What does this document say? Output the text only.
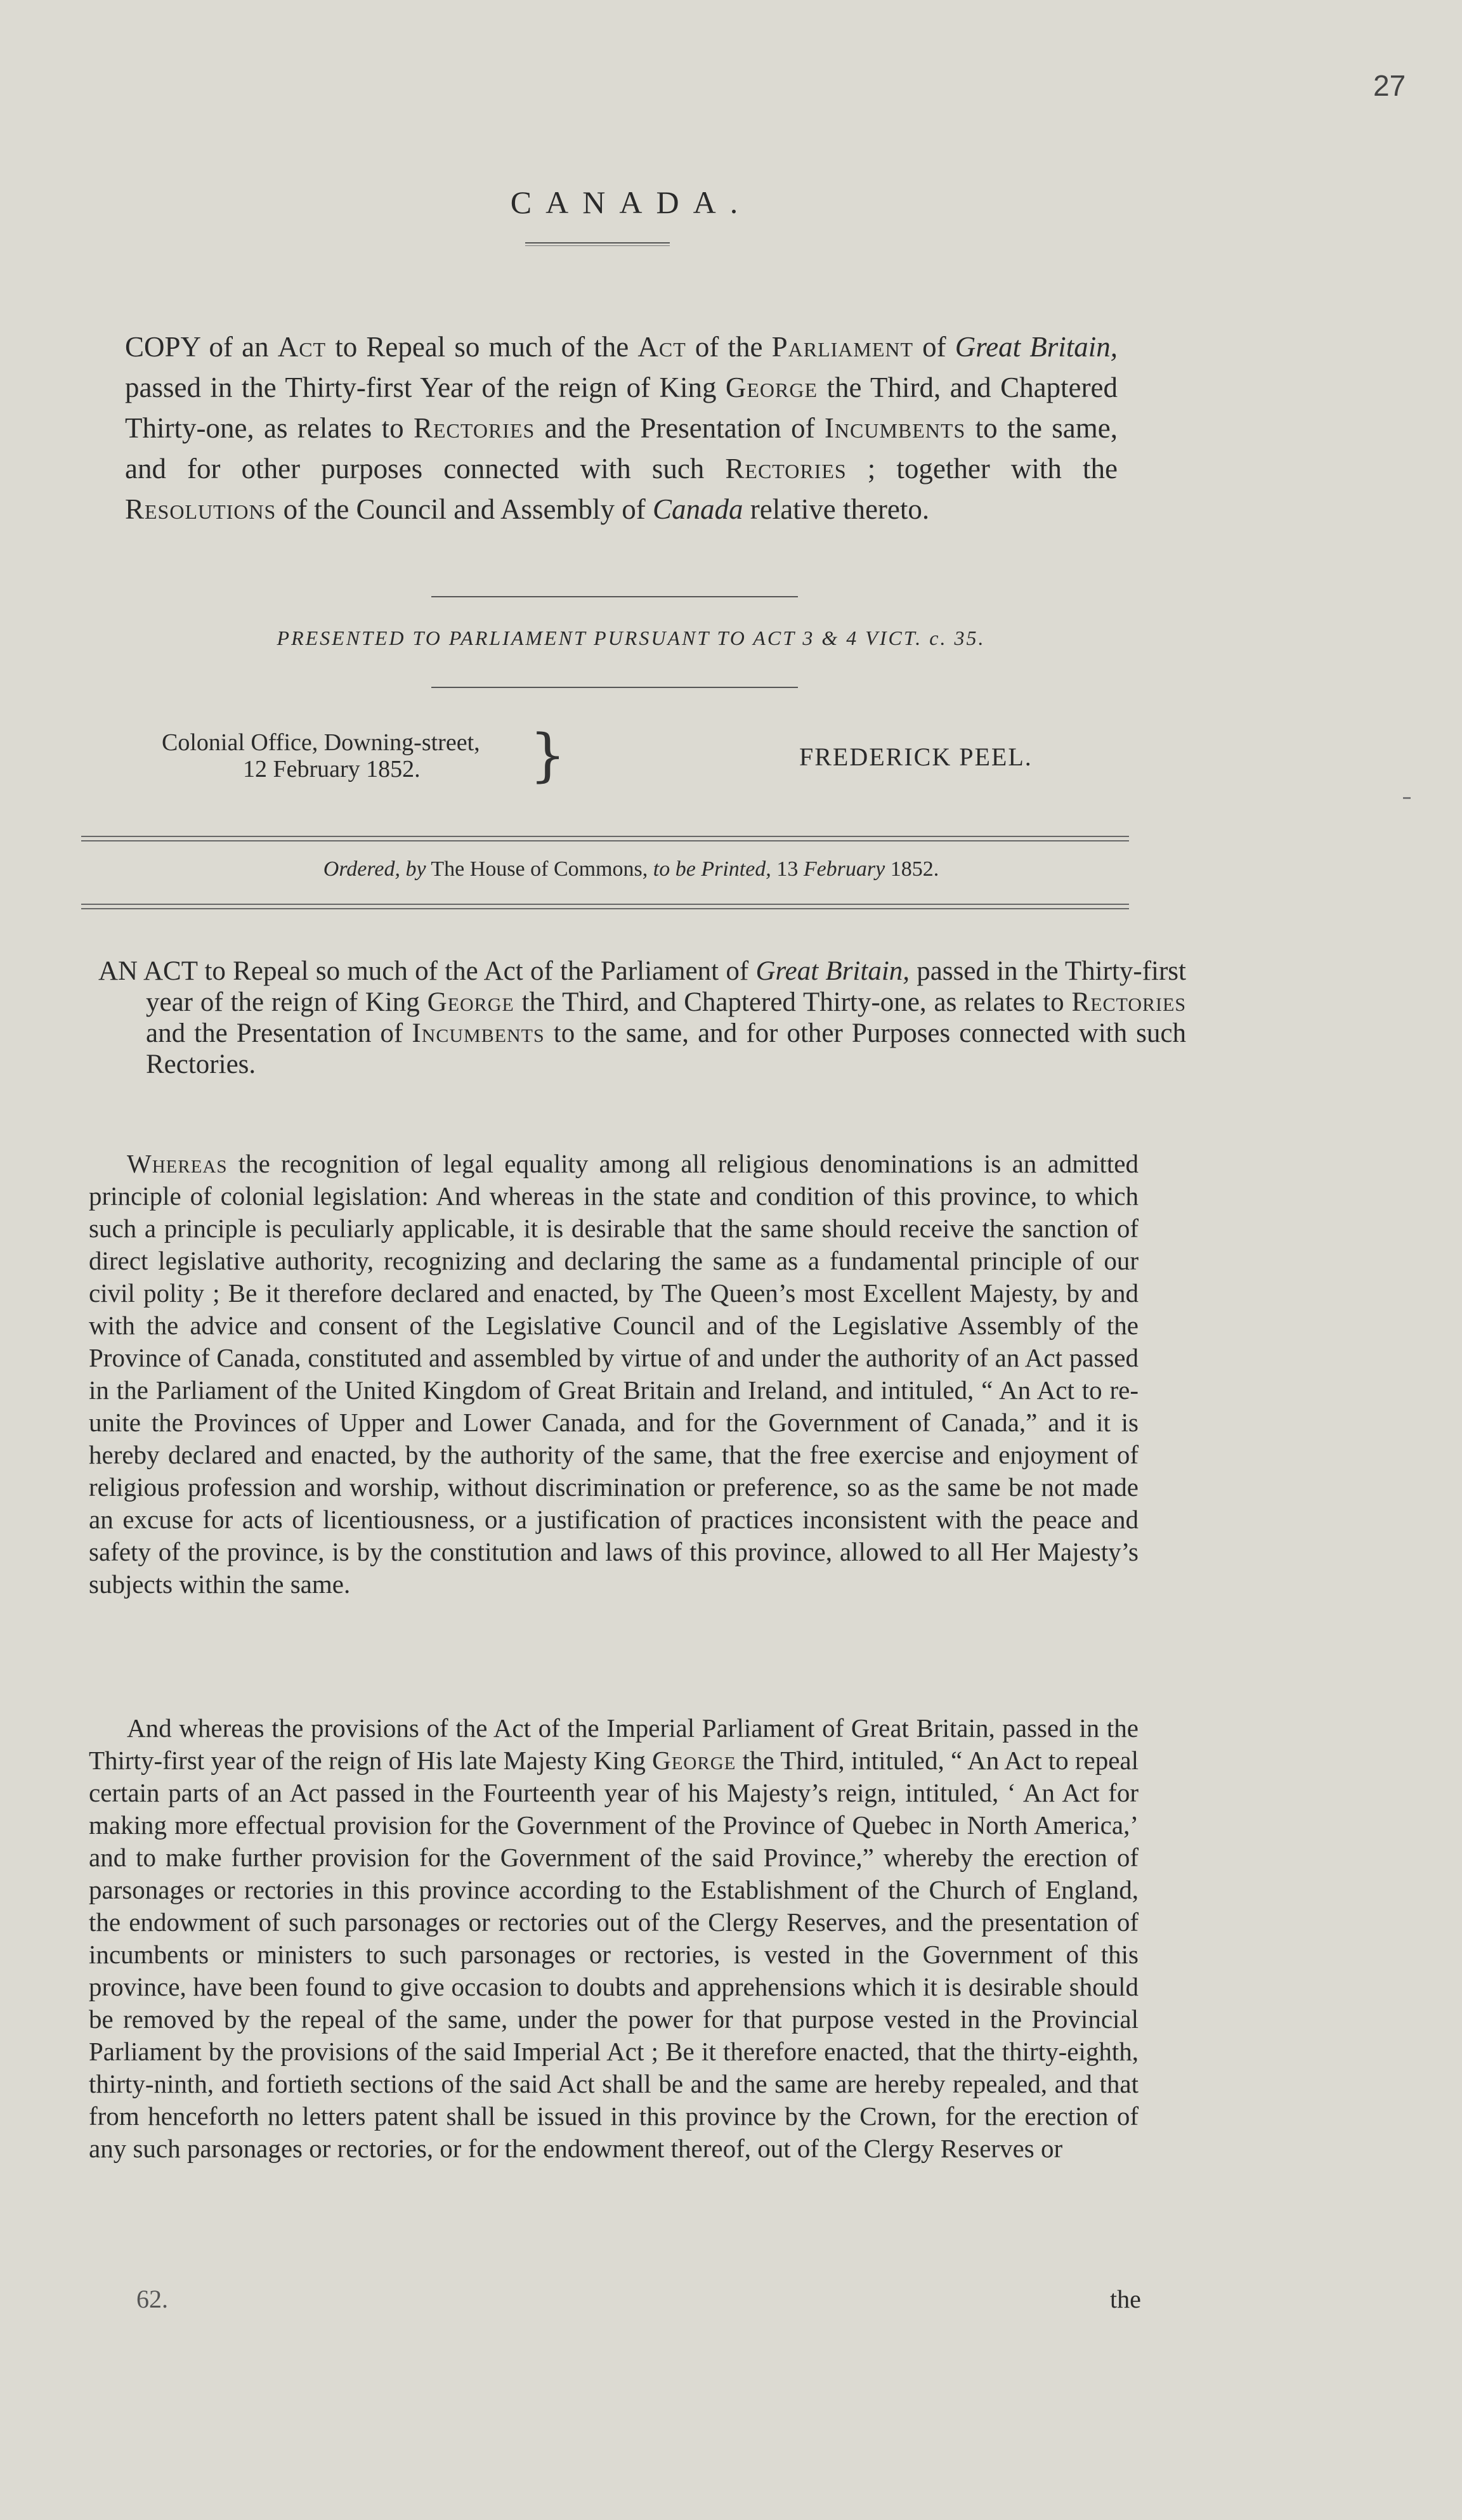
27
CANADA.
COPY of an Act to Repeal so much of the Act of the Parliament of Great Britain, passed in the Thirty-first Year of the reign of King George the Third, and Chaptered Thirty-one, as relates to Rectories and the Presentation of Incumbents to the same, and for other purposes connected with such Rectories ; together with the Resolutions of the Council and Assembly of Canada relative thereto.
PRESENTED TO PARLIAMENT PURSUANT TO ACT 3 & 4 VICT. c. 35.
Colonial Office, Downing-street,
12 February 1852.	}	FREDERICK PEEL.
Ordered, by The House of Commons, to be Printed, 13 February 1852.
AN ACT to Repeal so much of the Act of the Parliament of Great Britain, passed in the Thirty-first year of the reign of King George the Third, and Chaptered Thirty-one, as relates to Rectories and the Presentation of Incumbents to the same, and for other Purposes connected with such Rectories.
Whereas the recognition of legal equality among all religious denominations is an admitted principle of colonial legislation: And whereas in the state and condition of this province, to which such a principle is peculiarly applicable, it is desirable that the same should receive the sanction of direct legislative authority, recognizing and declaring the same as a fundamental principle of our civil polity ; Be it therefore declared and enacted, by The Queen’s most Excellent Majesty, by and with the advice and consent of the Legislative Council and of the Legislative Assembly of the Province of Canada, constituted and assembled by virtue of and under the authority of an Act passed in the Parliament of the United Kingdom of Great Britain and Ireland, and intituled, “ An Act to re-unite the Provinces of Upper and Lower Canada, and for the Government of Canada,” and it is hereby declared and enacted, by the authority of the same, that the free exercise and enjoyment of religious profession and worship, without discrimination or preference, so as the same be not made an excuse for acts of licentiousness, or a justification of practices inconsistent with the peace and safety of the province, is by the constitution and laws of this province, allowed to all Her Majesty’s subjects within the same.
And whereas the provisions of the Act of the Imperial Parliament of Great Britain, passed in the Thirty-first year of the reign of His late Majesty King George the Third, intituled, “ An Act to repeal certain parts of an Act passed in the Fourteenth year of his Majesty’s reign, intituled, ‘ An Act for making more effectual provision for the Government of the Province of Quebec in North America,’ and to make further provision for the Government of the said Province,” whereby the erection of parsonages or rectories in this province according to the Establishment of the Church of England, the endowment of such parsonages or rectories out of the Clergy Reserves, and the presentation of incumbents or ministers to such parsonages or rectories, is vested in the Government of this province, have been found to give occasion to doubts and apprehensions which it is desirable should be removed by the repeal of the same, under the power for that purpose vested in the Provincial Parliament by the provisions of the said Imperial Act ; Be it therefore enacted, that the thirty-eighth, thirty-ninth, and fortieth sections of the said Act shall be and the same are hereby repealed, and that from henceforth no letters patent shall be issued in this province by the Crown, for the erection of any such parsonages or rectories, or for the endowment thereof, out of the Clergy Reserves or
62.	the
